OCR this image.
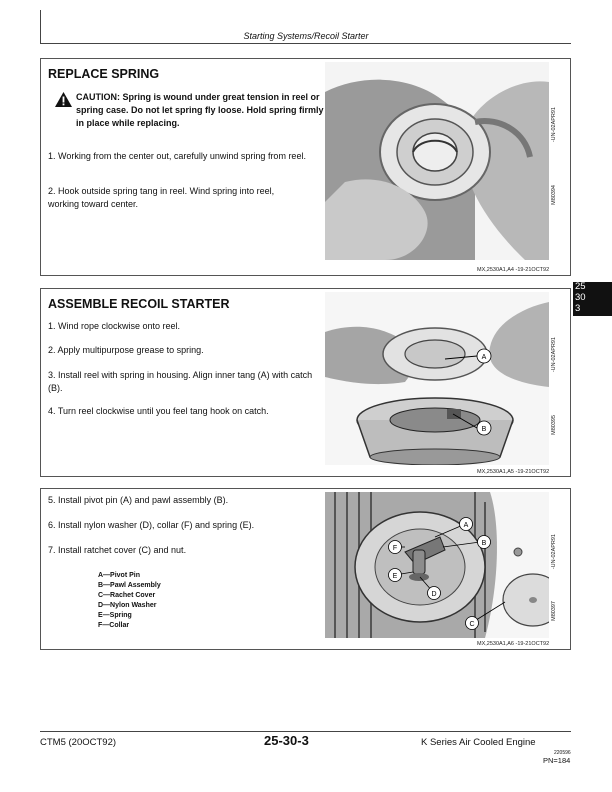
Starting Systems/Recoil Starter
REPLACE SPRING
CAUTION: Spring is wound under great tension in reel or spring case. Do not let spring fly loose. Hold spring firmly in place while replacing.
1. Working from the center out, carefully unwind spring from reel.
2. Hook outside spring tang in reel. Wind spring into reel, working toward center.
-UN-02APR91
M80394
MX,2530A1,A4 -19-21OCT92
ASSEMBLE RECOIL STARTER
1. Wind rope clockwise onto reel.
2. Apply multipurpose grease to spring.
3. Install reel with spring in housing. Align inner tang (A) with catch (B).
4. Turn reel clockwise until you feel tang hook on catch.
A
B
-UN-02APR91
M80395
MX,2530A1,A5 -19-21OCT92
5. Install pivot pin (A) and pawl assembly (B).
6. Install nylon washer (D), collar (F) and spring (E).
7. Install ratchet cover (C) and nut.
A—Pivot Pin
B—Pawl Assembly
C—Rachet Cover
D—Nylon Washer
E—Spring
F—Collar
A
B
F
E
D
C
-UN-02APR91
M80397
MX,2530A1,A6 -19-21OCT92
25
30
3
CTM5 (20OCT92)	25-30-3	K Series Air Cooled Engine
220596
PN=184
